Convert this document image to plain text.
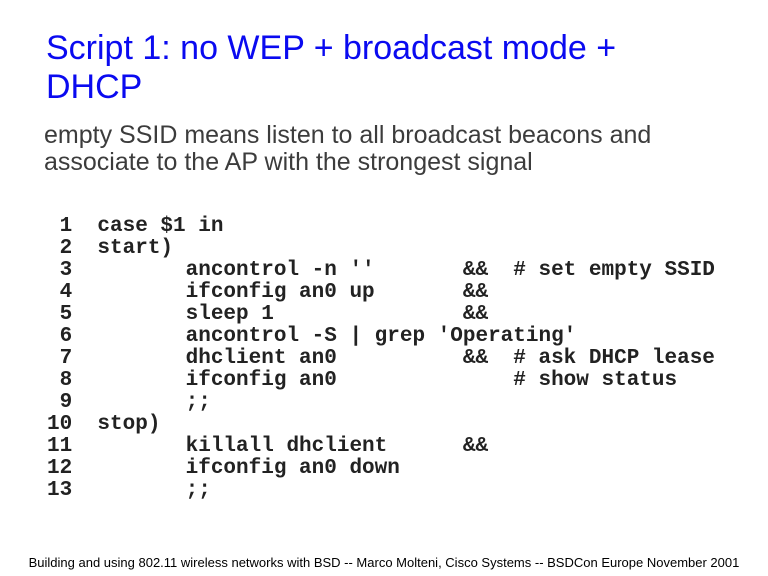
Script 1: no WEP + broadcast mode +
DHCP
empty SSID means listen to all broadcast beacons and
associate to the AP with the strongest signal
1  case $1 in
2  start)
3         ancontrol -n ''       &&  # set empty SSID
4         ifconfig an0 up       &&
5         sleep 1               &&
6         ancontrol -S | grep 'Operating'
7         dhclient an0          &&  # ask DHCP lease
8         ifconfig an0              # show status
9         ;;
10  stop)
11         killall dhclient      &&
12         ifconfig an0 down
13         ;;
Building and using 802.11 wireless networks with BSD -- Marco Molteni, Cisco Systems -- BSDCon Europe November 2001
